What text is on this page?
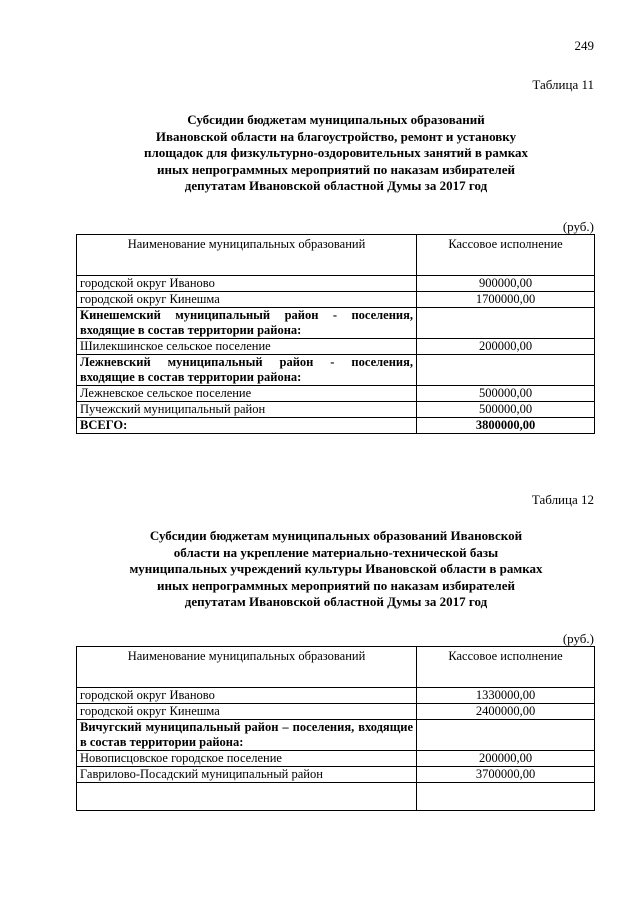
249
Таблица 11
Субсидии бюджетам муниципальных образований
Ивановской области на благоустройство, ремонт и установку
площадок для физкультурно-оздоровительных занятий в рамках
иных непрограммных мероприятий по наказам избирателей
депутатам Ивановской областной Думы за 2017 год
(руб.)
Наименование муниципальных образований	Кассовое исполнение
городской округ Иваново	900000,00
городской округ Кинешма	1700000,00
Кинешемский муниципальный район - поселения, входящие в состав территории района:	
Шилекшинское сельское поселение	200000,00
Лежневский муниципальный район - поселения, входящие в состав территории района:	
Лежневское сельское поселение	500000,00
Пучежский муниципальный район	500000,00
ВСЕГО:	3800000,00
Таблица 12
Субсидии бюджетам муниципальных образований Ивановской
области на укрепление материально-технической базы
муниципальных учреждений культуры Ивановской области в рамках
иных непрограммных мероприятий по наказам избирателей
депутатам Ивановской областной Думы за 2017 год
(руб.)
Наименование муниципальных образований	Кассовое исполнение
городской округ Иваново	1330000,00
городской округ Кинешма	2400000,00
Вичугский муниципальный район – поселения, входящие в состав территории района:	
Новописцовское городское поселение	200000,00
Гаврилово-Посадский муниципальный район	3700000,00
